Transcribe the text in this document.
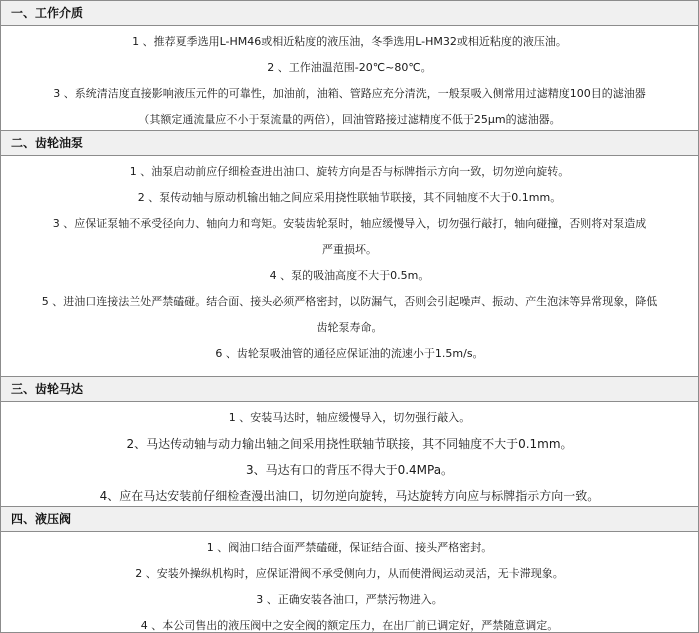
一、工作介质
1 、推荐夏季选用L-HM46或相近粘度的液压油，冬季选用L-HM32或相近粘度的液压油。
2 、工作油温范围-20℃~80℃。
3 、系统清洁度直接影响液压元件的可靠性，加油前，油箱、管路应充分清洗，一般泵吸入侧常用过滤精度100目的滤油器
（其额定通流量应不小于泵流量的两倍），回油管路接过滤精度不低于25μm的滤油器。
二、齿轮油泵
1 、油泵启动前应仔细检查进出油口、旋转方向是否与标牌指示方向一致，切勿逆向旋转。
2 、泵传动轴与原动机输出轴之间应采用挠性联轴节联接，其不同轴度不大于0.1mm。
3 、应保证泵轴不承受径向力、轴向力和弯矩。安装齿轮泵时，轴应缓慢导入，切勿强行敲打，轴向碰撞，否则将对泵造成
严重损坏。
4 、泵的吸油高度不大于0.5m。
5 、进油口连接法兰处严禁磕碰。结合面、接头必须严格密封，以防漏气，否则会引起噪声、振动、产生泡沫等异常现象，降低
齿轮泵寿命。
6 、齿轮泵吸油管的通径应保证油的流速小于1.5m/s。
三、齿轮马达
1 、安装马达时，轴应缓慢导入，切勿强行敲入。
2、马达传动轴与动力输出轴之间采用挠性联轴节联接，其不同轴度不大于0.1mm。
3、马达有口的背压不得大于0.4MPa。
4、应在马达安装前仔细检查漫出油口，切勿逆向旋转，马达旋转方向应与标牌指示方向一致。
四、液压阀
1 、阀油口结合面严禁磕碰，保证结合面、接头严格密封。
2 、安装外操纵机构时，应保证滑阀不承受侧向力，从而使滑阀运动灵活，无卡滞现象。
3 、正确安装各油口，严禁污物进入。
4 、本公司售出的液压阀中之安全阀的额定压力，在出厂前已调定好，严禁随意调定。
